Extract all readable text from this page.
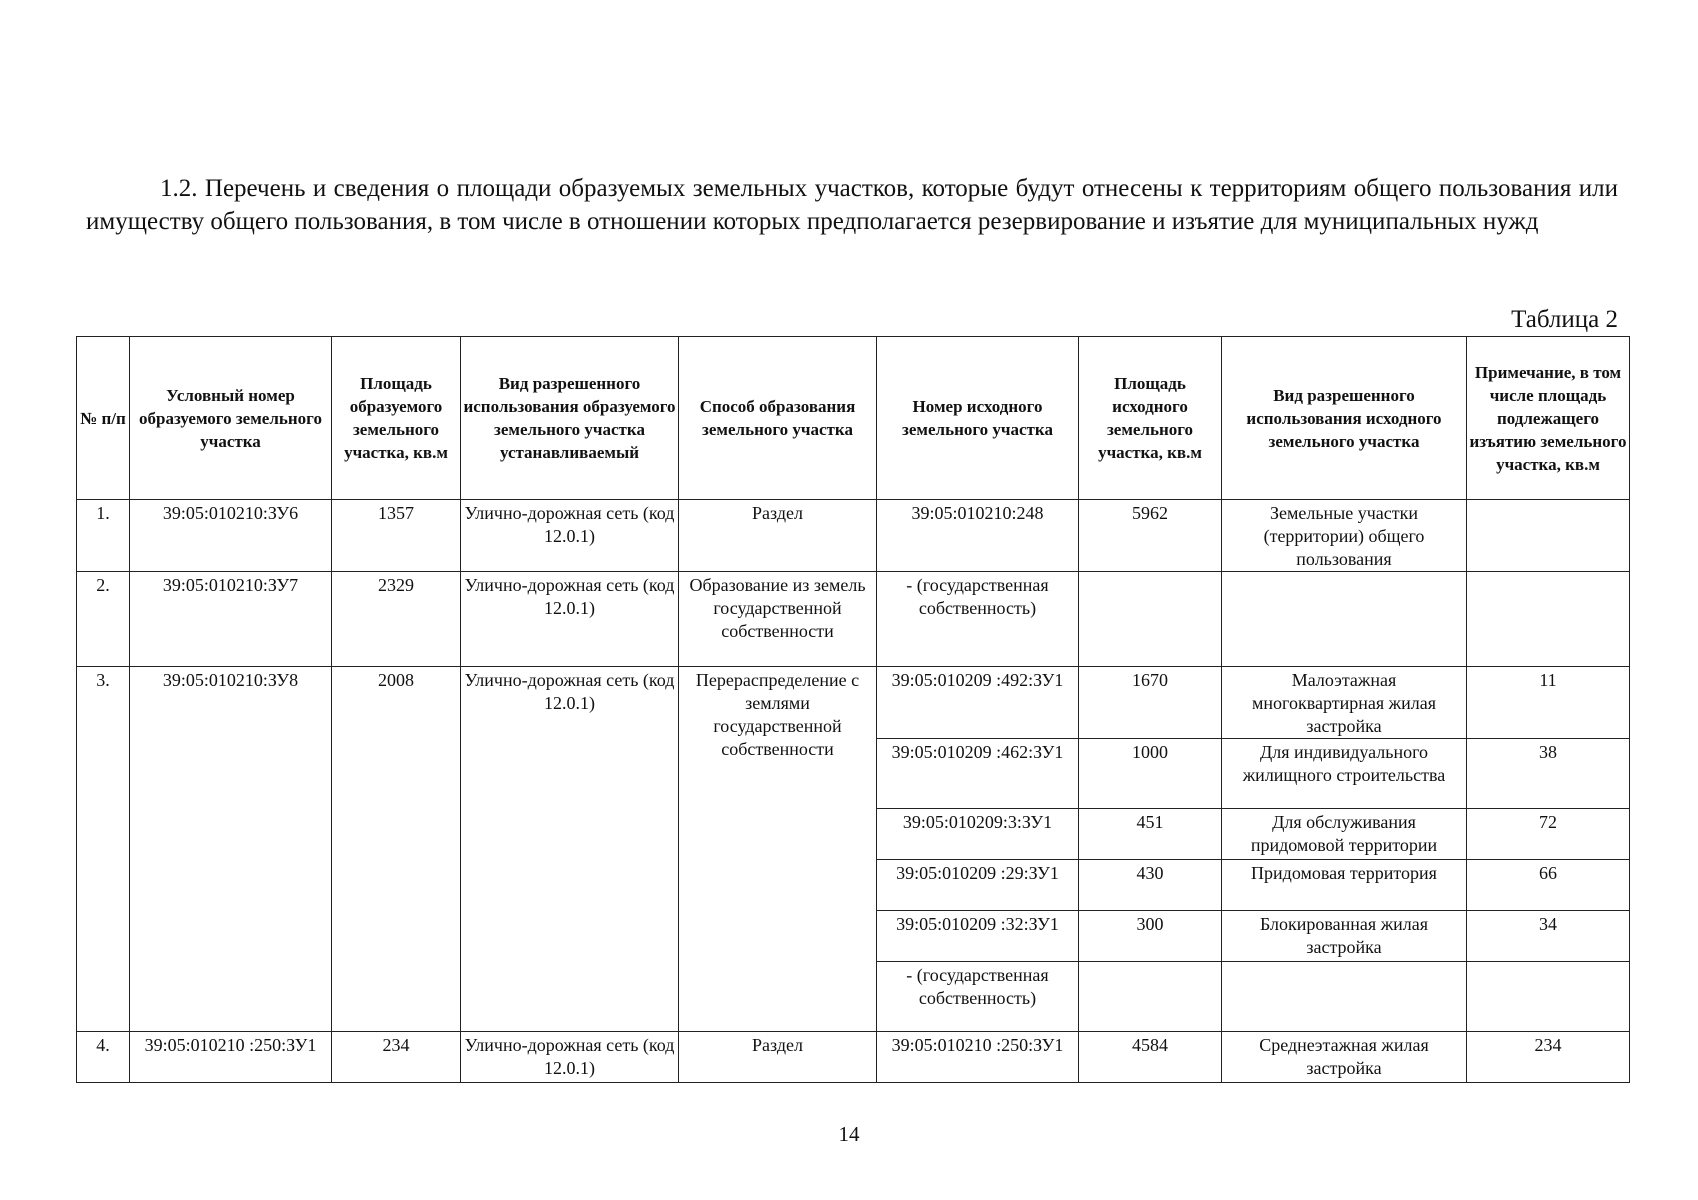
1.2. Перечень и сведения о площади образуемых земельных участков, которые будут отнесены к территориям общего пользования или имуществу общего пользования, в том числе в отношении которых предполагается резервирование и изъятие для муниципальных нужд

Таблица 2

№ п/п	Условный номер образуемого земельного участка	Площадь образуемого земельного участка, кв.м	Вид разрешенного использования образуемого земельного участка устанавливаемый	Способ образования земельного участка	Номер исходного земельного участка	Площадь исходного земельного участка, кв.м	Вид разрешенного использования исходного земельного участка	Примечание, в том числе площадь подлежащего изъятию земельного участка, кв.м
1.	39:05:010210:ЗУ6	1357	Улично-дорожная сеть (код 12.0.1)	Раздел	39:05:010210:248	5962	Земельные участки (территории) общего пользования	
2.	39:05:010210:ЗУ7	2329	Улично-дорожная сеть (код 12.0.1)	Образование из земель государственной собственности	- (государственная собственность)			
3.	39:05:010210:ЗУ8	2008	Улично-дорожная сеть (код 12.0.1)	Перераспределение с землями государственной собственности	39:05:010209 :492:ЗУ1	1670	Малоэтажная многоквартирная жилая застройка	11
					39:05:010209 :462:ЗУ1	1000	Для индивидуального жилищного строительства	38
					39:05:010209:3:ЗУ1	451	Для обслуживания придомовой территории	72
					39:05:010209 :29:ЗУ1	430	Придомовая территория	66
					39:05:010209 :32:ЗУ1	300	Блокированная жилая застройка	34
					- (государственная собственность)			
4.	39:05:010210 :250:ЗУ1	234	Улично-дорожная сеть (код 12.0.1)	Раздел	39:05:010210 :250:ЗУ1	4584	Среднеэтажная жилая застройка	234

14
